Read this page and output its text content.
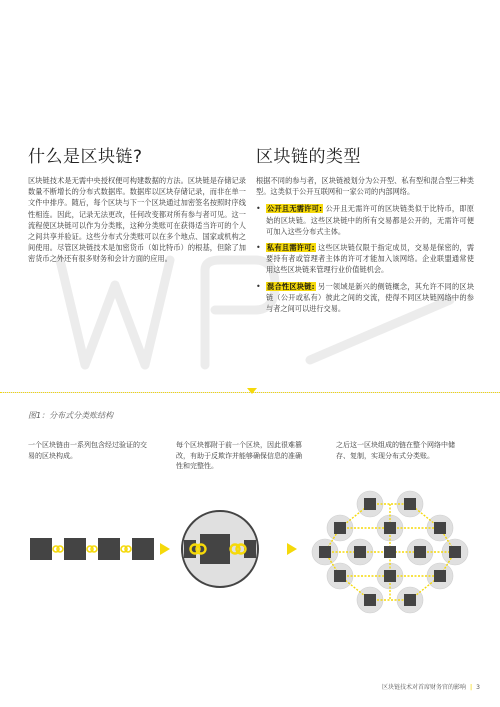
什么是区块链?

区块链技术是无需中央授权便可构建数据的方法。区块链是存储记录数量不断增长的分布式数据库。数据库以区块存储记录，而非在单一文件中排序。随后，每个区块与下一个区块通过加密签名按照时序线性相连。因此，记录无法更改，任何改变都对所有参与者可见。这一流程使区块链可以作为分类账，这种分类账可在获得适当许可的个人之间共享并验证。这些分布式分类账可以在多个地点、国家或机构之间使用。尽管区块链技术是加密货币（如比特币）的根基，但除了加密货币之外还有很多财务和会计方面的应用。

区块链的类型

根据不同的参与者，区块链被划分为公开型、私有型和混合型三种类型。这类似于公开互联网和一家公司的内部网络。

• 公开且无需许可: 公开且无需许可的区块链类似于比特币，即原始的区块链。这些区块链中的所有交易都是公开的，无需许可便可加入这些分布式主体。
• 私有且需许可: 这些区块链仅限于指定成员，交易是保密的，需要持有者或管理者主体的许可才能加入该网络。企业联盟通常使用这些区块链来管理行业价值链机会。
• 混合性区块链: 另一领域是新兴的侧链概念，其允许不同的区块链（公开或私有）彼此之间的交流，使得不同区块链网络中的参与者之间可以进行交易。
图1：分布式分类账结构
一个区块链由一系列包含经过验证的交易的区块构成。
每个区块都附于前一个区块，因此很难篡改，有助于反欺诈并能够确保信息的准确性和完整性。
之后这一区块组成的链在整个网络中储存、复制，实现分布式分类账。
区块链技术对首席财务官的影响 | 3
